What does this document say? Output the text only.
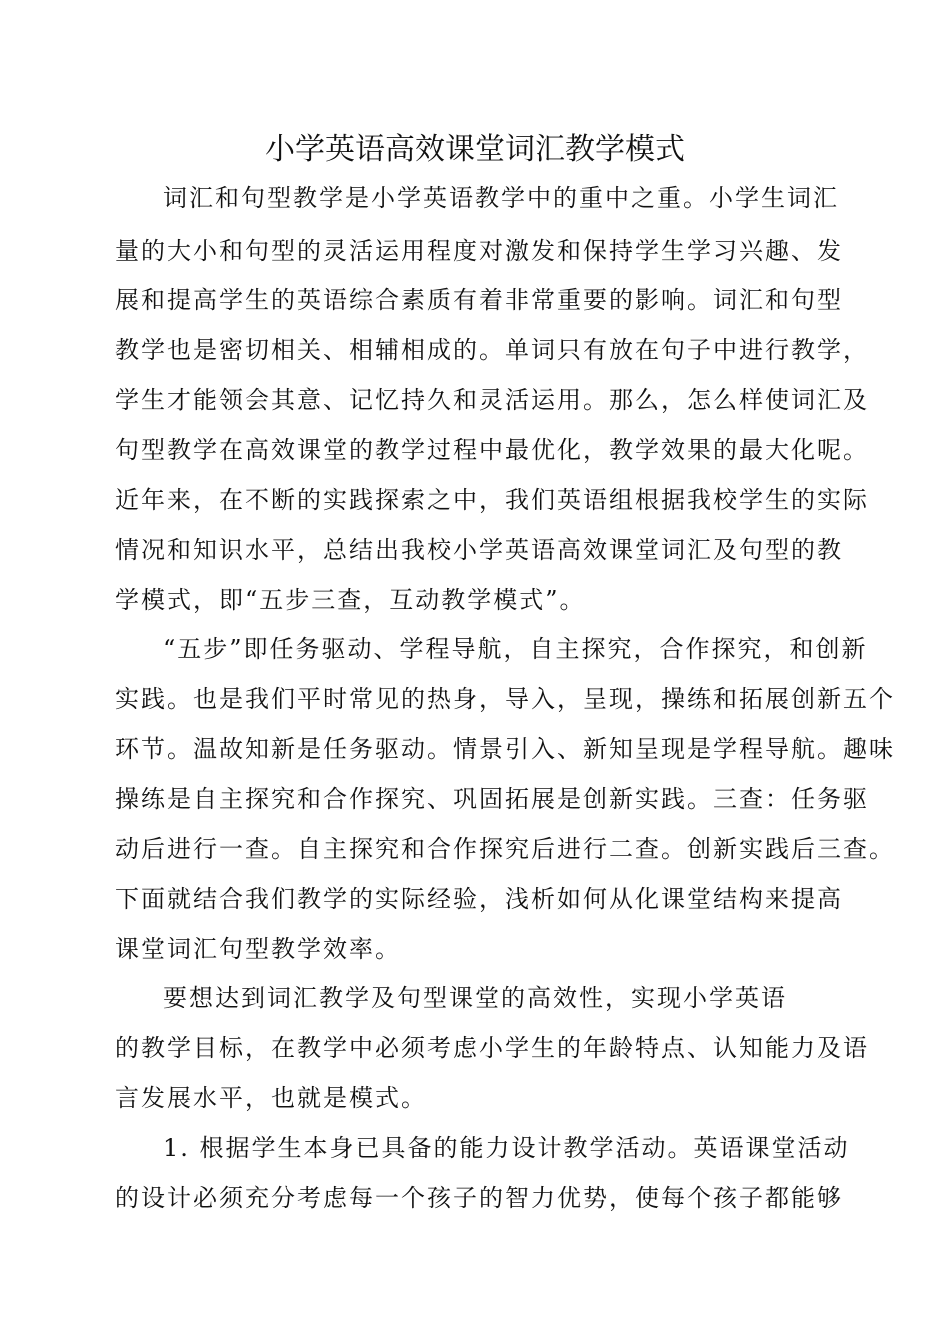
小学英语高效课堂词汇教学模式
词汇和句型教学是小学英语教学中的重中之重。小学生词汇
量的大小和句型的灵活运用程度对激发和保持学生学习兴趣、发
展和提高学生的英语综合素质有着非常重要的影响。词汇和句型
教学也是密切相关、相辅相成的。单词只有放在句子中进行教学，
学生才能领会其意、记忆持久和灵活运用。那么，怎么样使词汇及
句型教学在高效课堂的教学过程中最优化，教学效果的最大化呢。
近年来，在不断的实践探索之中，我们英语组根据我校学生的实际
情况和知识水平，总结出我校小学英语高效课堂词汇及句型的教
学模式，即“五步三查，互动教学模式”。
“五步”即任务驱动、学程导航，自主探究，合作探究，和创新
实践。也是我们平时常见的热身，导入，呈现，操练和拓展创新五个
环节。温故知新是任务驱动。情景引入、新知呈现是学程导航。趣味
操练是自主探究和合作探究、巩固拓展是创新实践。三查：任务驱
动后进行一查。自主探究和合作探究后进行二查。创新实践后三查。
下面就结合我们教学的实际经验，浅析如何从化课堂结构来提高
课堂词汇句型教学效率。
要想达到词汇教学及句型课堂的高效性，实现小学英语
的教学目标，在教学中必须考虑小学生的年龄特点、认知能力及语
言发展水平，也就是模式。
1. 根据学生本身已具备的能力设计教学活动。英语课堂活动
的设计必须充分考虑每一个孩子的智力优势，使每个孩子都能够
